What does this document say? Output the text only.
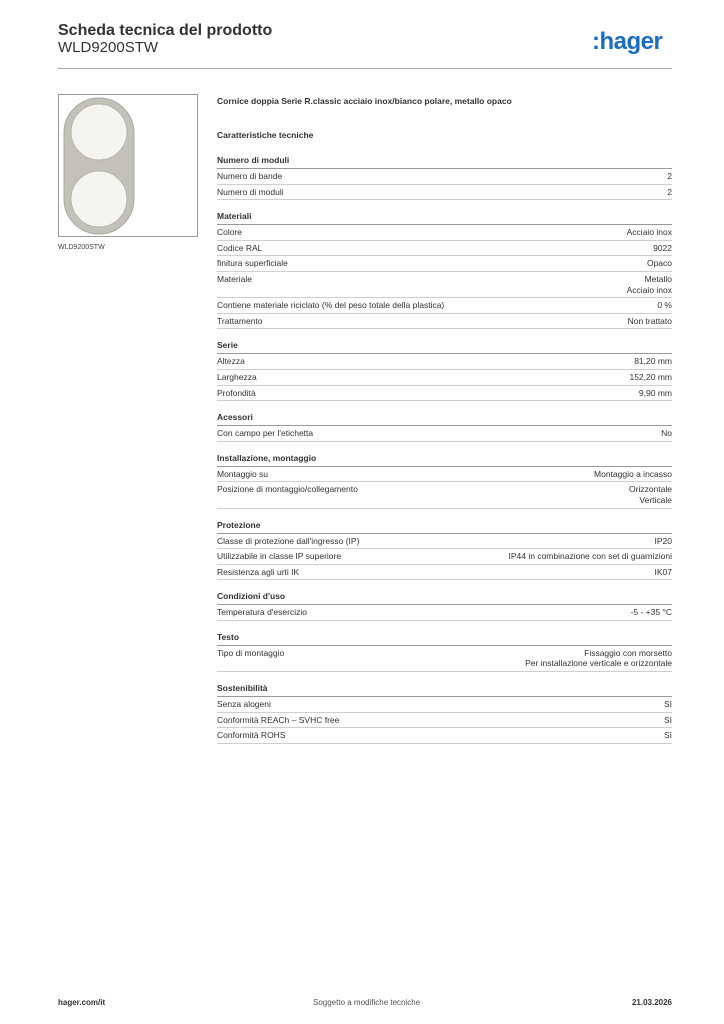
Scheda tecnica del prodotto
WLD9200STW	:hager
WLD9200STW
Cornice doppia Serie R.classic acciaio inox/bianco polare, metallo opaco
Caratteristiche tecniche
Numero di moduli
Numero di bande	2
Numero di moduli	2
Materiali
Colore	Acciaio inox
Codice RAL	9022
finitura superficiale	Opaco
Materiale	Metallo
Acciaio inox
Contiene materiale riciclato (% del peso totale della plastica)	0 %
Trattamento	Non trattato
Serie
Altezza	81,20 mm
Larghezza	152,20 mm
Profondità	9,90 mm
Acessori
Con campo per l'etichetta	No
Installazione, montaggio
Montaggio su	Montaggio a incasso
Posizione di montaggio/collegamento	Orizzontale
Verticale
Protezione
Classe di protezione dall'ingresso (IP)	IP20
Utilizzabile in classe IP superiore	IP44 in combinazione con set di guarnizioni
Resistenza agli urti IK	IK07
Condizioni d'uso
Temperatura d'esercizio	-5 - +35 °C
Testo
Tipo di montaggio	Fissaggio con morsetto
Per installazione verticale e orizzontale
Sostenibilità
Senza alogeni	Sì
Conformità REACh – SVHC free	Sì
Conformità ROHS	Sì
hager.com/it	Soggetto a modifiche tecniche	21.03.2026
